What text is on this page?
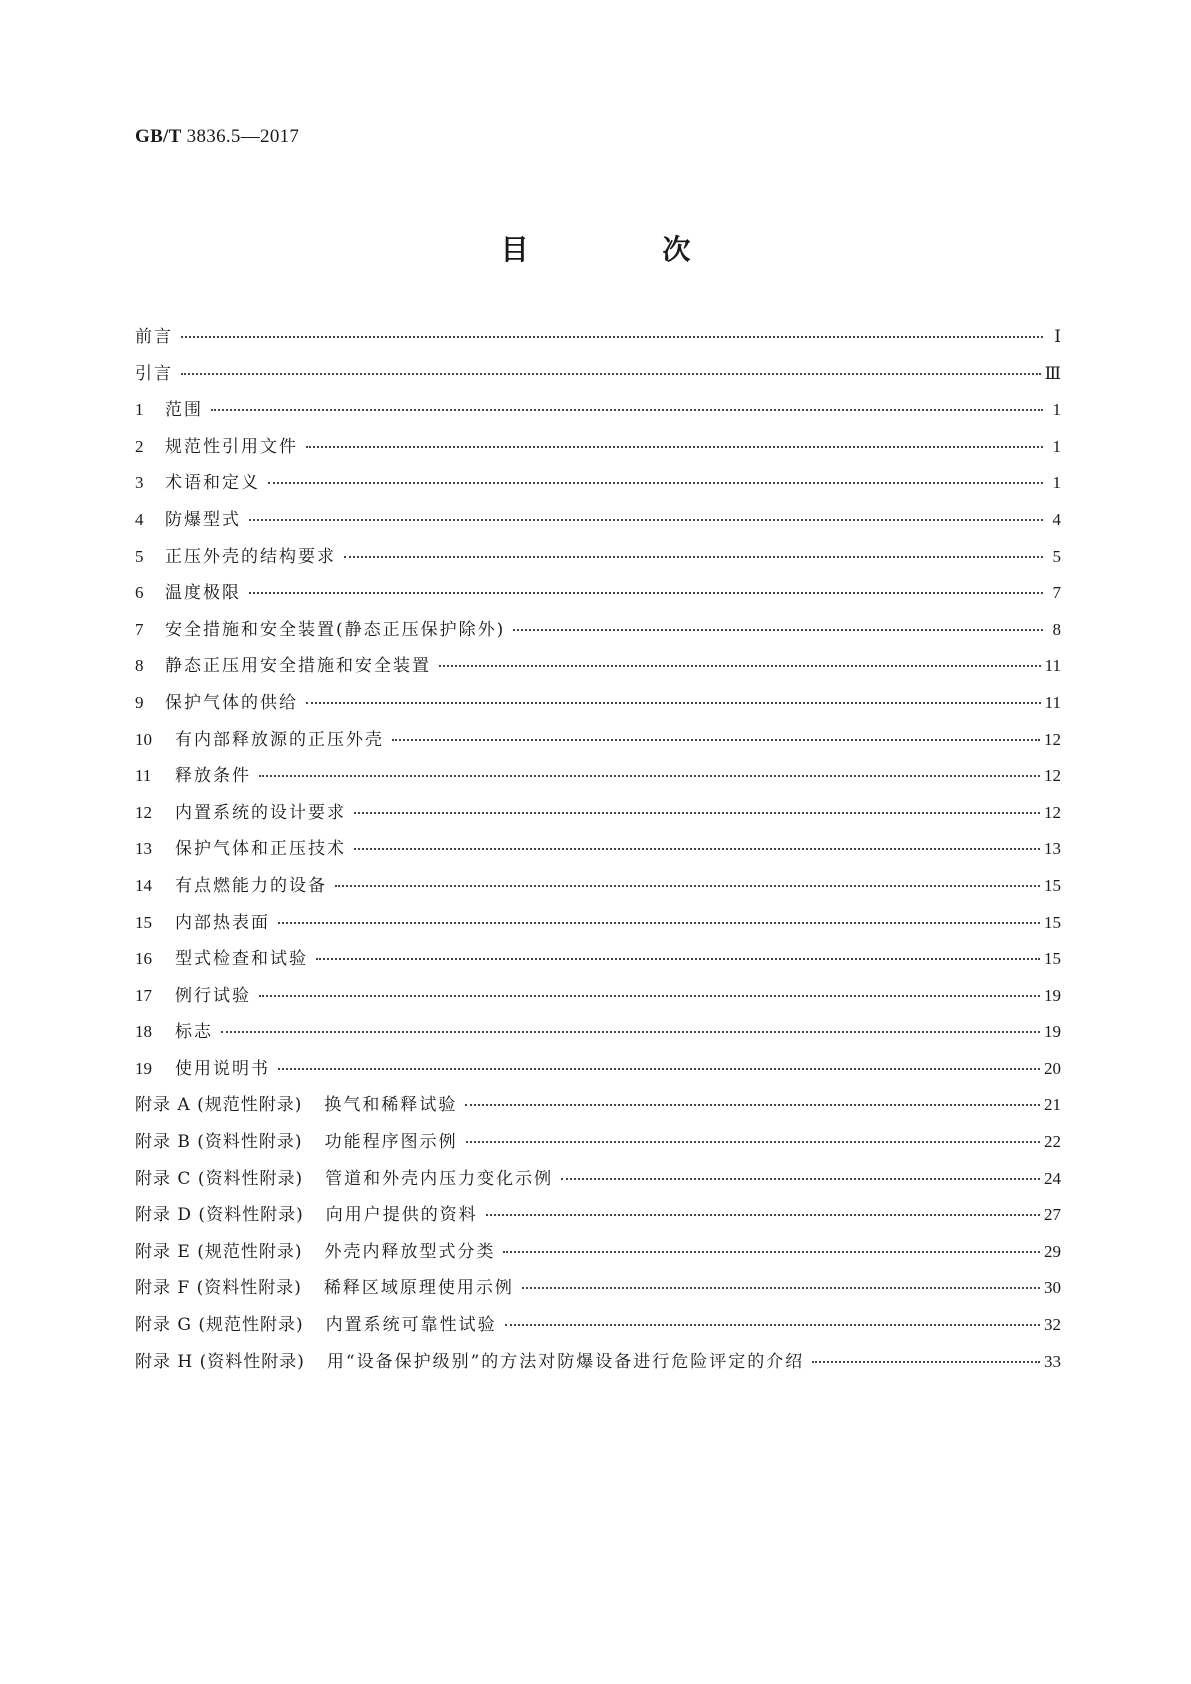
GB/T 3836.5—2017
目 次
前言	Ⅰ
引言	Ⅲ
1	范围	1
2	规范性引用文件	1
3	术语和定义	1
4	防爆型式	4
5	正压外壳的结构要求	5
6	温度极限	7
7	安全措施和安全装置(静态正压保护除外)	8
8	静态正压用安全措施和安全装置	11
9	保护气体的供给	11
10	有内部释放源的正压外壳	12
11	释放条件	12
12	内置系统的设计要求	12
13	保护气体和正压技术	13
14	有点燃能力的设备	15
15	内部热表面	15
16	型式检查和试验	15
17	例行试验	19
18	标志	19
19	使用说明书	20
附录 A (规范性附录) 换气和稀释试验	21
附录 B (资料性附录) 功能程序图示例	22
附录 C (资料性附录) 管道和外壳内压力变化示例	24
附录 D (资料性附录) 向用户提供的资料	27
附录 E (规范性附录) 外壳内释放型式分类	29
附录 F (资料性附录) 稀释区域原理使用示例	30
附录 G (规范性附录) 内置系统可靠性试验	32
附录 H (资料性附录) 用“设备保护级别”的方法对防爆设备进行危险评定的介绍	33
